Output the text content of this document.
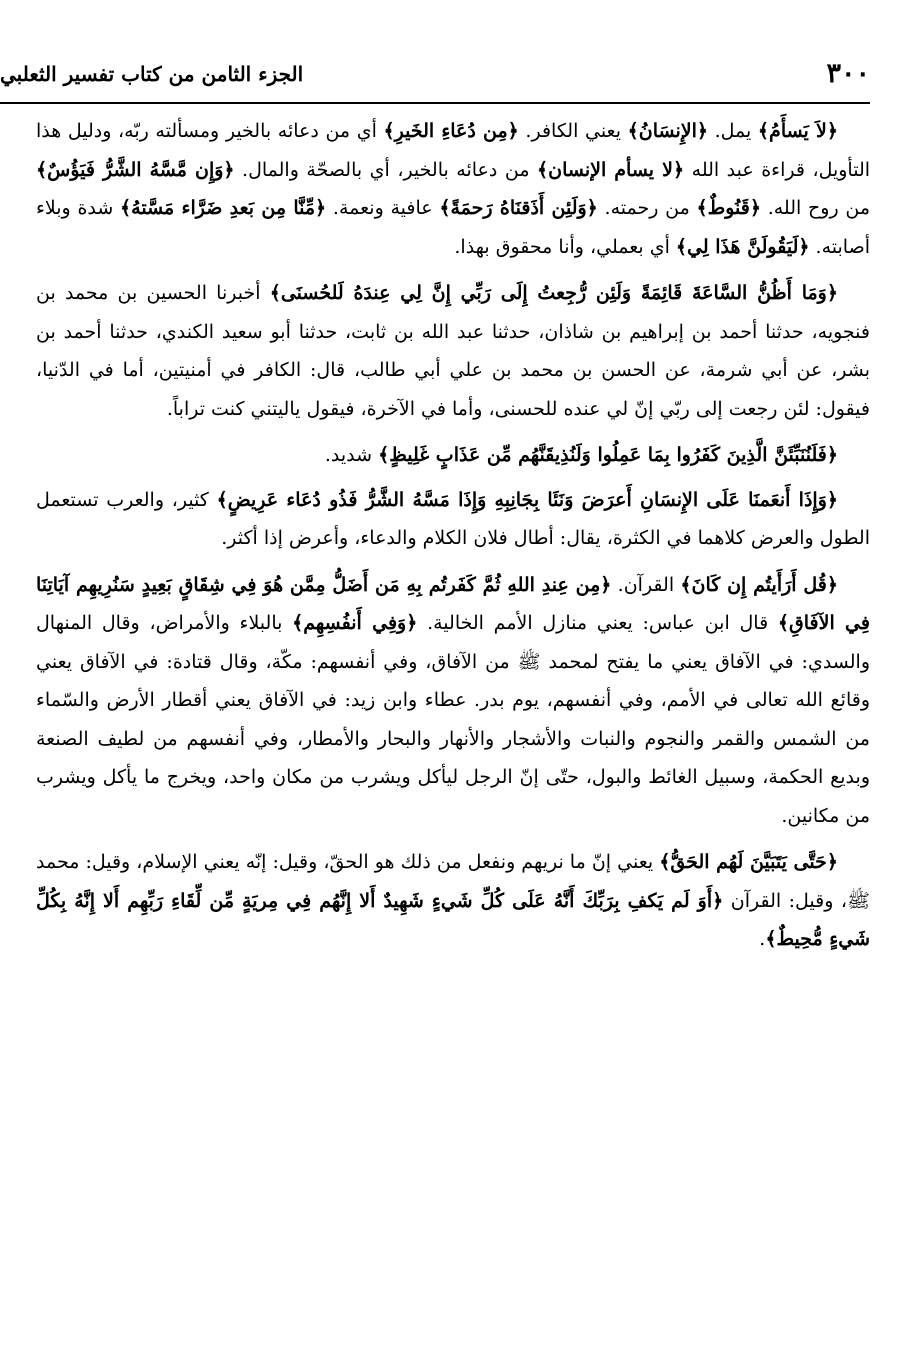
٣٠٠
الجزء الثامن من كتاب تفسير الثعلبي

﴿لاَ يَسأَمُ﴾ يمل. ﴿الإِنسَانُ﴾ يعني الكافر. ﴿مِن دُعَاءِ الخَيرِ﴾ أي من دعائه بالخير ومسألته ربّه، ودليل هذا التأويل، قراءة عبد الله ﴿لا يسأم الإنسان﴾ من دعائه بالخير، أي بالصحّة والمال. ﴿وَإِن مَّسَّهُ الشَّرُّ فَيَؤُسٌ﴾ من روح الله. ﴿قَنُوطٌ﴾ من رحمته. ﴿وَلَئِن أَذَقنَاهُ رَحمَةً﴾ عافية ونعمة. ﴿مِّنَّا مِن بَعدِ ضَرَّاء مَسَّتهُ﴾ شدة وبلاء أصابته. ﴿لَيَقُولَنَّ هَذَا لِي﴾ أي بعملي، وأنا محقوق بهذا.

﴿وَمَا أَظُنُّ السَّاعَةَ قَائِمَةً وَلَئِن رُّجِعتُ إِلَى رَبِّي إِنَّ لِي عِندَهُ لَلحُسنَى﴾ أخبرنا الحسين بن محمد بن فنجويه، حدثنا أحمد بن إبراهيم بن شاذان، حدثنا عبد الله بن ثابت، حدثنا أبو سعيد الكندي، حدثنا أحمد بن بشر، عن أبي شرمة، عن الحسن بن محمد بن علي أبي طالب، قال: الكافر في أمنيتين، أما في الدّنيا، فيقول: لئن رجعت إلى ربّي إنّ لي عنده للحسنى، وأما في الآخرة، فيقول ياليتني كنت تراباً.

﴿فَلَنُنَبِّئَنَّ الَّذِينَ كَفَرُوا بِمَا عَمِلُوا وَلَنُذِيقَنَّهُم مِّن عَذَابٍ غَلِيظٍ﴾ شديد.

﴿وَإِذَا أَنعَمنَا عَلَى الإِنسَانِ أَعرَضَ وَنَئَا بِجَانِبِهِ وَإِذَا مَسَّهُ الشَّرُّ فَذُو دُعَاء عَرِيضٍ﴾ كثير، والعرب تستعمل الطول والعرض كلاهما في الكثرة، يقال: أطال فلان الكلام والدعاء، وأعرض إذا أكثر.

﴿قُل أَرَأَيتُم إِن كَانَ﴾ القرآن. ﴿مِن عِندِ اللهِ ثُمَّ كَفَرتُم بِهِ مَن أَضَلُّ مِمَّن هُوَ فِي شِقَاقٍ بَعِيدٍ سَنُرِيهِم آيَاتِنَا فِي الآفَاقِ﴾ قال ابن عباس: يعني منازل الأمم الخالية. ﴿وَفِي أَنفُسِهِم﴾ بالبلاء والأمراض، وقال المنهال والسدي: في الآفاق يعني ما يفتح لمحمد ﷺ من الآفاق، وفي أنفسهم: مكّة، وقال قتادة: في الآفاق يعني وقائع الله تعالى في الأمم، وفي أنفسهم، يوم بدر. عطاء وابن زيد: في الآفاق يعني أقطار الأرض والسّماء من الشمس والقمر والنجوم والنبات والأشجار والأنهار والبحار والأمطار، وفي أنفسهم من لطيف الصنعة وبديع الحكمة، وسبيل الغائط والبول، حتّى إنّ الرجل ليأكل ويشرب من مكان واحد، ويخرج ما يأكل ويشرب من مكانين.

﴿حَتَّى يَتَبَيَّنَ لَهُم الحَقُّ﴾ يعني إنّ ما نريهم ونفعل من ذلك هو الحقّ، وقيل: إنّه يعني الإسلام، وقيل: محمد ﷺ، وقيل: القرآن ﴿أَوَ لَم يَكفِ بِرَبِّكَ أَنَّهُ عَلَى كُلِّ شَيءٍ شَهِيدٌ أَلا إِنَّهُم فِي مِريَةٍ مِّن لِّقَاءِ رَبِّهِم أَلا إِنَّهُ بِكُلِّ شَيءٍ مُّحِيطٌ﴾.
